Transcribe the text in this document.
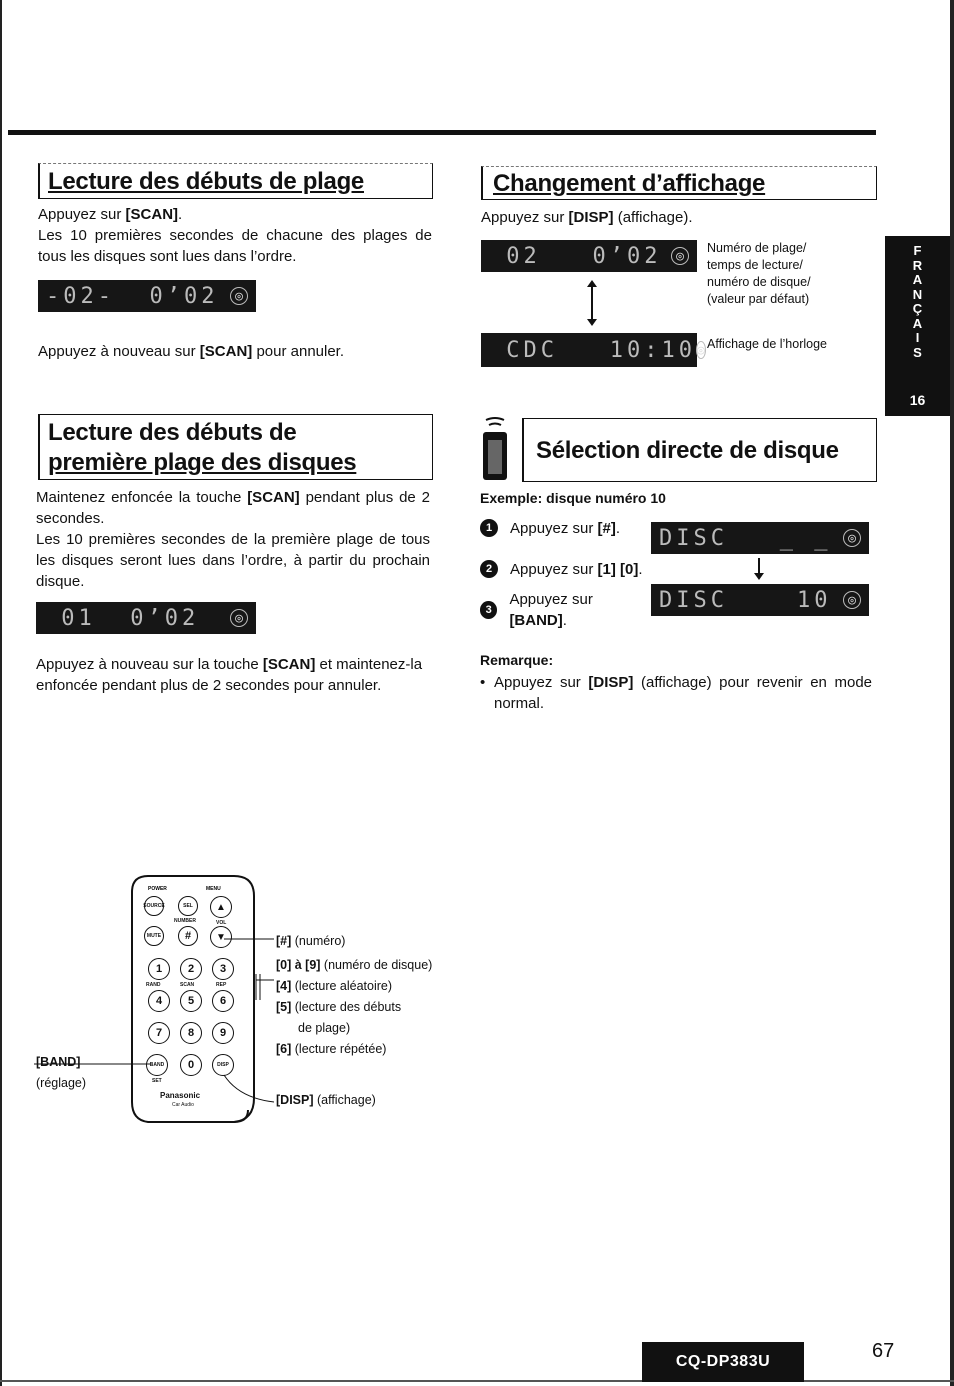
F
R
A
N
Ç
A
I
S
16
Lecture des débuts de plage
Appuyez sur [SCAN].
Les 10 premières secondes de chacune des plages de tous les disques sont lues dans l’ordre.
-02-  0’02	◎
Appuyez à nouveau sur [SCAN] pour annuler.
Changement d’affichage
Appuyez sur [DISP] (affichage).
02   0’02	◎
Numéro de plage/
temps de lecture/
numéro de disque/
(valeur par défaut)
CDC   10:10 ◎ Affichage de l’horloge
Lecture des débuts de
première plage des disques
Maintenez enfoncée la touche [SCAN] pendant plus de 2 secondes.
Les 10 premières secondes de la première plage de tous les disques seront lues dans l’ordre, à partir du prochain disque.
01  0’02	◎
Appuyez à nouveau sur la touche [SCAN] et maintenez-la enfoncée pendant plus de 2 secondes pour annuler.
Sélection directe de disque
Exemple: disque numéro 10
1	Appuyez sur [#].
2	Appuyez sur [1] [0].
3
Appuyez sur [BAND].
DISC   _ _	◎
DISC    10	◎
Remarque:
• Appuyez sur [DISP] (affichage) pour revenir en mode normal.
POWER	MENU
SOURCE	SEL	▲
MUTE	#	▼
1	2	3
4	5	6
7	8	9
BAND	0	DISP
NUMBER	VOL
RAND	SCAN	REP
SET
Panasonic
Car Audio
[#] (numéro)
[0] à [9] (numéro de disque)
[4] (lecture aléatoire)
[5] (lecture des débuts
de plage)
[6] (lecture répétée)
[DISP] (affichage)
[BAND]
(réglage)
CQ-DP383U	67
